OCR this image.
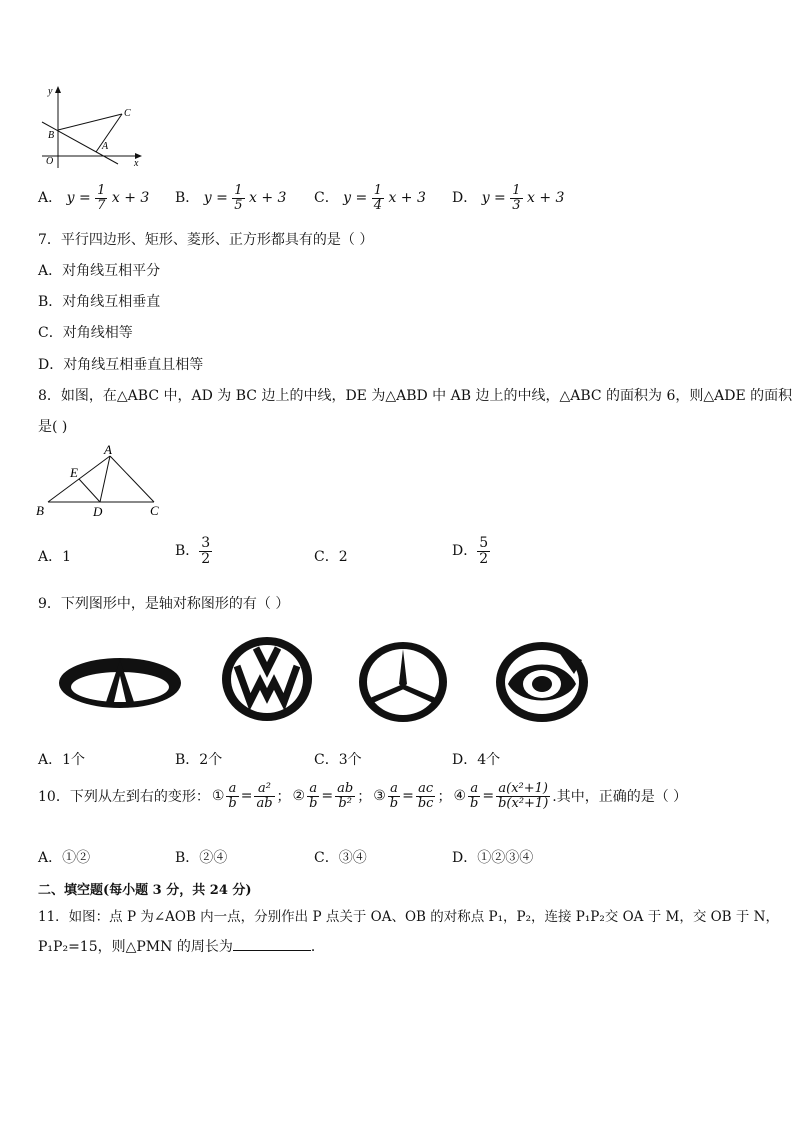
y
x
O
B
C
A
A． $y = \frac{1}{7}$ x + 3 B． $y = \frac{1}{5}$ x + 3 C． $y = \frac{1}{4}$ x + 3 D． $y = \frac{1}{3}$ x + 3
7．平行四边形、矩形、菱形、正方形都具有的是（ ）
A．对角线互相平分
B．对角线互相垂直
C．对角线相等
D．对角线互相垂直且相等
8．如图，在△ABC 中，AD 为 BC 边上的中线，DE 为△ABD 中 AB 边上的中线，△ABC 的面积为 6，则△ADE 的面积
是( )
A
E
B	D	C
A．1	B． $\frac{3}{2}$	C．2	D． $\frac{5}{2}$
9．下列图形中，是轴对称图形的有（ ）
A．1个	B．2个	C．3个	D．4个
10．下列从左到右的变形： ① $\frac{a}{b} = \frac{\text{a²}}{ab}$ ； ② $\frac{a}{b} = \frac{ab}{\text{b²}}$ ； ③ $\frac{a}{b} = \frac{ac}{bc}$ ； ④ $\frac{a}{b} = \frac{\text{a(x²+1)}}{\text{b(x²+1)}}$ .其中，正确的是（ ）
A．①②	B．②④	C．③④	D．①②③④
二、填空题(每小题 3 分，共 24 分)
11．如图：点 P 为∠AOB 内一点，分别作出 P 点关于 OA、OB 的对称点 P₁，P₂，连接 P₁P₂交 OA 于 M，交 OB 于 N，
P₁P₂=15，则△PMN 的周长为	．
